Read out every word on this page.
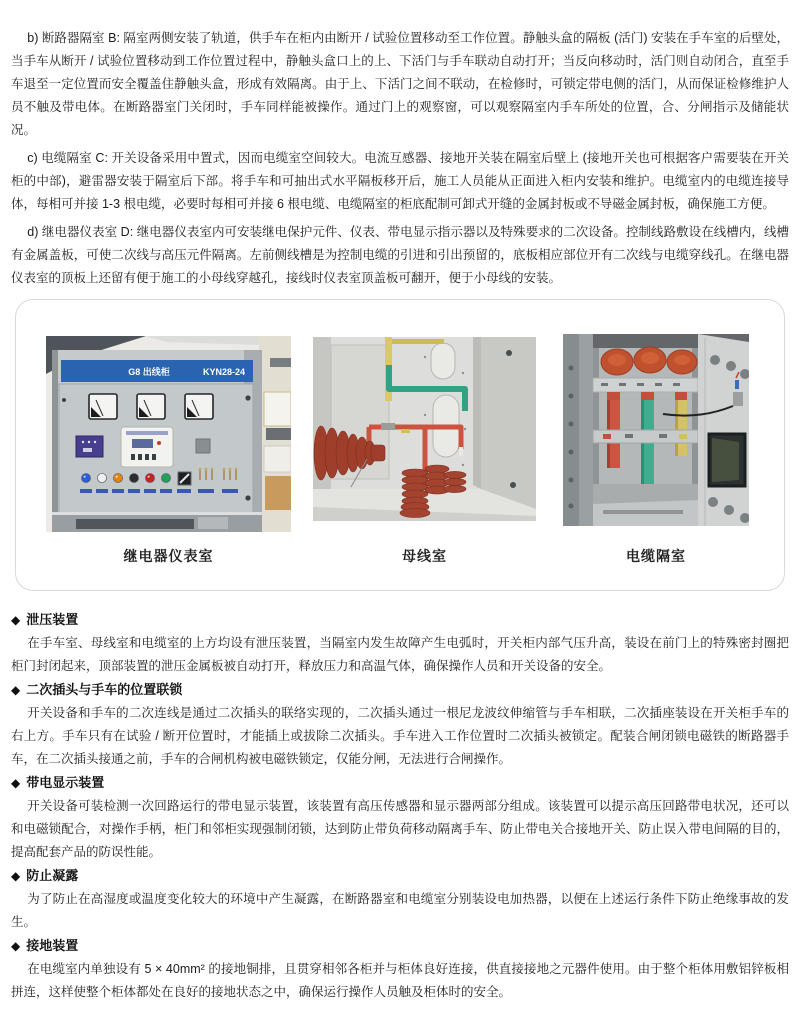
b) 断路器隔室 B: 隔室两侧安装了轨道，供手车在柜内由断开 / 试验位置移动至工作位置。静触头盒的隔板 (活门) 安装在手车室的后壁处，当手车从断开 / 试验位置移动到工作位置过程中，静触头盒口上的上、下活门与手车联动自动打开；当反向移动时，活门则自动闭合，直至手车退至一定位置而安全覆盖住静触头盒，形成有效隔离。由于上、下活门之间不联动，在检修时，可锁定带电侧的活门，从而保证检修维护人员不触及带电体。在断路器室门关闭时，手车同样能被操作。通过门上的观察窗，可以观察隔室内手车所处的位置，合、分闸指示及储能状况。

c) 电缆隔室 C: 开关设备采用中置式，因而电缆室空间较大。电流互感器、接地开关装在隔室后壁上 (接地开关也可根据客户需要装在开关柜的中部)，避雷器安装于隔室后下部。将手车和可抽出式水平隔板移开后，施工人员能从正面进入柜内安装和维护。电缆室内的电缆连接导体，每相可并接 1-3 根电缆，必要时每相可并接 6 根电缆、电缆隔室的柜底配制可卸式开缝的金属封板或不导磁金属封板，确保施工方便。

d) 继电器仪表室 D: 继电器仪表室内可安装继电保护元件、仪表、带电显示指示器以及特殊要求的二次设备。控制线路敷设在线槽内，线槽有金属盖板，可使二次线与高压元件隔离。左前侧线槽是为控制电缆的引进和引出预留的，底板相应部位开有二次线与电缆穿线孔。在继电器仪表室的顶板上还留有便于施工的小母线穿越孔，接线时仪表室顶盖板可翻开，便于小母线的安装。

G8 出线柜	KYN28-24
继电器仪表室	母线室	电缆隔室
◆ 泄压装置

在手车室、母线室和电缆室的上方均设有泄压装置，当隔室内发生故障产生电弧时，开关柜内部气压升高，装设在前门上的特殊密封圈把柜门封闭起来，顶部装置的泄压金属板被自动打开，释放压力和高温气体，确保操作人员和开关设备的安全。

◆ 二次插头与手车的位置联锁

开关设备和手车的二次连线是通过二次插头的联络实现的，二次插头通过一根尼龙波纹伸缩管与手车相联，二次插座装设在开关柜手车的右上方。手车只有在试验 / 断开位置时，才能插上或拔除二次插头。手车进入工作位置时二次插头被锁定。配装合闸闭锁电磁铁的断路器手车，在二次插头接通之前，手车的合闸机构被电磁铁锁定，仅能分闸，无法进行合闸操作。

◆ 带电显示装置

开关设备可装检测一次回路运行的带电显示装置，该装置有高压传感器和显示器两部分组成。该装置可以提示高压回路带电状况，还可以和电磁锁配合，对操作手柄，柜门和邻柜实现强制闭锁，达到防止带负荷移动隔离手车、防止带电关合接地开关、防止误入带电间隔的目的，提高配套产品的防误性能。

◆ 防止凝露

为了防止在高湿度或温度变化较大的环境中产生凝露，在断路器室和电缆室分别装设电加热器，以便在上述运行条件下防止绝缘事故的发生。

◆ 接地装置

在电缆室内单独设有 5 × 40mm² 的接地铜排，且贯穿相邻各柜并与柜体良好连接，供直接接地之元器件使用。由于整个柜体用敷铝锌板相拼连，这样使整个柜体都处在良好的接地状态之中，确保运行操作人员触及柜体时的安全。
